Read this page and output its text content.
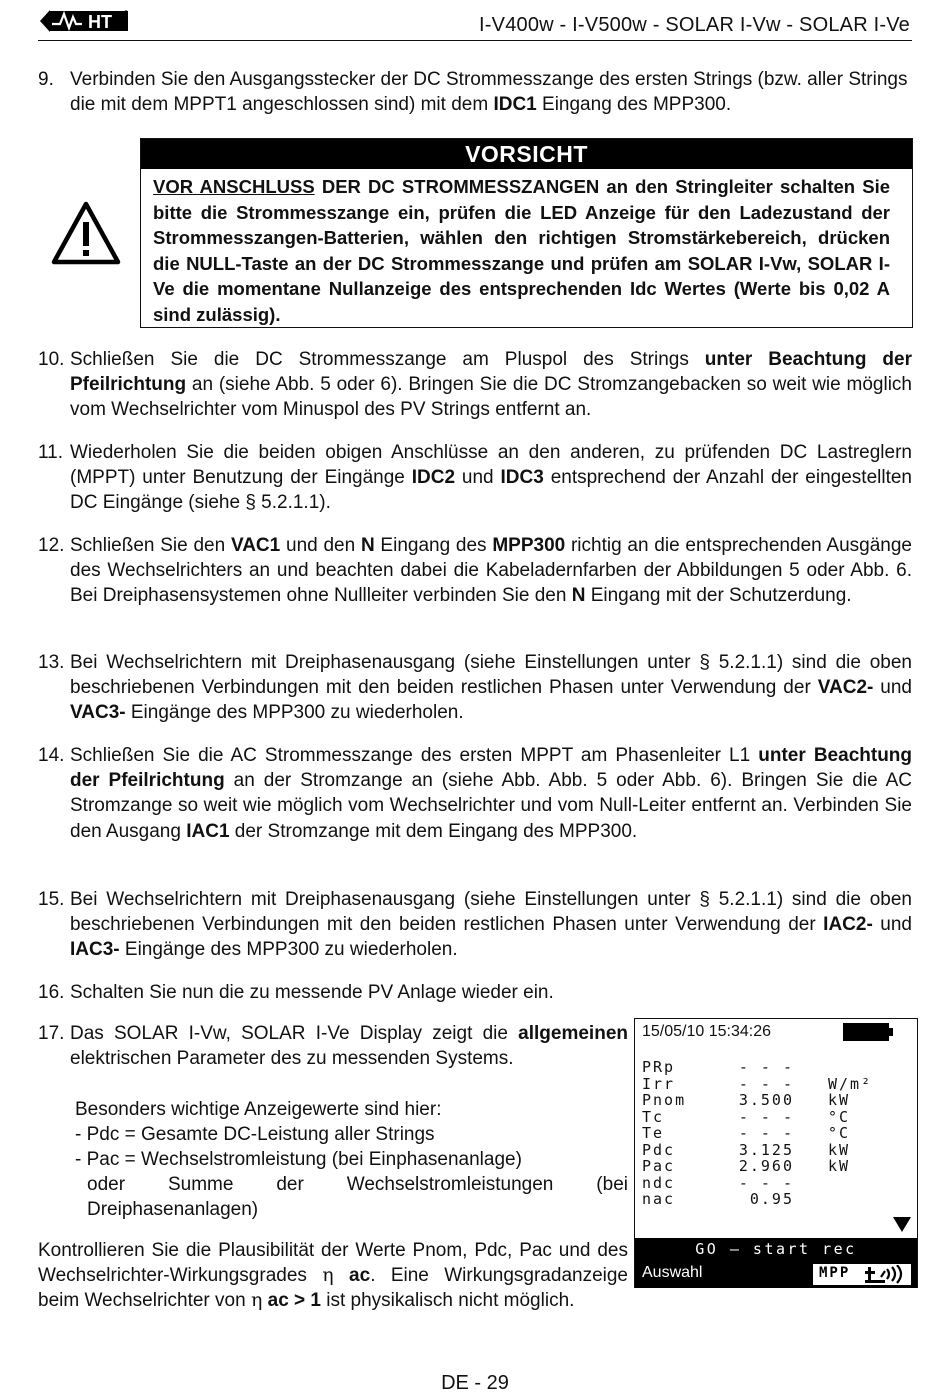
HT	I-V400w - I-V500w - SOLAR I-Vw - SOLAR I-Ve
9. Verbinden Sie den Ausgangsstecker der DC Strommesszange des ersten Strings (bzw. aller Strings die mit dem MPPT1 angeschlossen sind) mit dem IDC1 Eingang des MPP300.
VORSICHT
VOR ANSCHLUSS DER DC STROMMESSZANGEN an den Stringleiter schalten Sie bitte die Strommesszange ein, prüfen die LED Anzeige für den Ladezustand der Strommesszangen-Batterien, wählen den richtigen Stromstärkebereich, drücken die NULL-Taste an der DC Strommesszange und prüfen am SOLAR I-Vw, SOLAR I-Ve die momentane Nullanzeige des entsprechenden Idc Wertes (Werte bis 0,02 A sind zulässig).
10. Schließen Sie die DC Strommesszange am Pluspol des Strings unter Beachtung der Pfeilrichtung an (siehe Abb. 5 oder 6). Bringen Sie die DC Stromzangebacken so weit wie möglich vom Wechselrichter vom Minuspol des PV Strings entfernt an.
11. Wiederholen Sie die beiden obigen Anschlüsse an den anderen, zu prüfenden DC Lastreglern (MPPT) unter Benutzung der Eingänge IDC2 und IDC3 entsprechend der Anzahl der eingestellten DC Eingänge (siehe § 5.2.1.1).
12. Schließen Sie den VAC1 und den N Eingang des MPP300 richtig an die entsprechenden Ausgänge des Wechselrichters an und beachten dabei die Kabeladernfarben der Abbildungen 5 oder Abb. 6. Bei Dreiphasensystemen ohne Nullleiter verbinden Sie den N Eingang mit der Schutzerdung.
13. Bei Wechselrichtern mit Dreiphasenausgang (siehe Einstellungen unter § 5.2.1.1) sind die oben beschriebenen Verbindungen mit den beiden restlichen Phasen unter Verwendung der VAC2- und VAC3- Eingänge des MPP300 zu wiederholen.
14. Schließen Sie die AC Strommesszange des ersten MPPT am Phasenleiter L1 unter Beachtung der Pfeilrichtung an der Stromzange an (siehe Abb. Abb. 5 oder Abb. 6). Bringen Sie die AC Stromzange so weit wie möglich vom Wechselrichter und vom Null-Leiter entfernt an. Verbinden Sie den Ausgang IAC1 der Stromzange mit dem Eingang des MPP300.
15. Bei Wechselrichtern mit Dreiphasenausgang (siehe Einstellungen unter § 5.2.1.1) sind die oben beschriebenen Verbindungen mit den beiden restlichen Phasen unter Verwendung der IAC2- und IAC3- Eingänge des MPP300 zu wiederholen.
16. Schalten Sie nun die zu messende PV Anlage wieder ein.
17. Das SOLAR I-Vw, SOLAR I-Ve Display zeigt die allgemeinen elektrischen Parameter des zu messenden Systems.
Besonders wichtige Anzeigewerte sind hier:
- Pdc = Gesamte DC-Leistung aller Strings
- Pac = Wechselstromleistung (bei Einphasenanlage)
oder Summe der Wechselstromleistungen (bei Dreiphasenanlagen)
Kontrollieren Sie die Plausibilität der Werte Pnom, Pdc, Pac und des Wechselrichter-Wirkungsgrades η ac. Eine Wirkungsgradanzeige beim Wechselrichter von η ac > 1 ist physikalisch nicht möglich.
15/05/10 15:34:26
PRp	- - -
Irr	- - - W/m²
Pnom	3.500 kW
Tc	- - - °C
Te	- - - °C
Pdc	3.125 kW
Pac	2.960 kW
ndc	- - -
nac	0.95
GO – start rec
Auswahl	MPP
DE - 29
